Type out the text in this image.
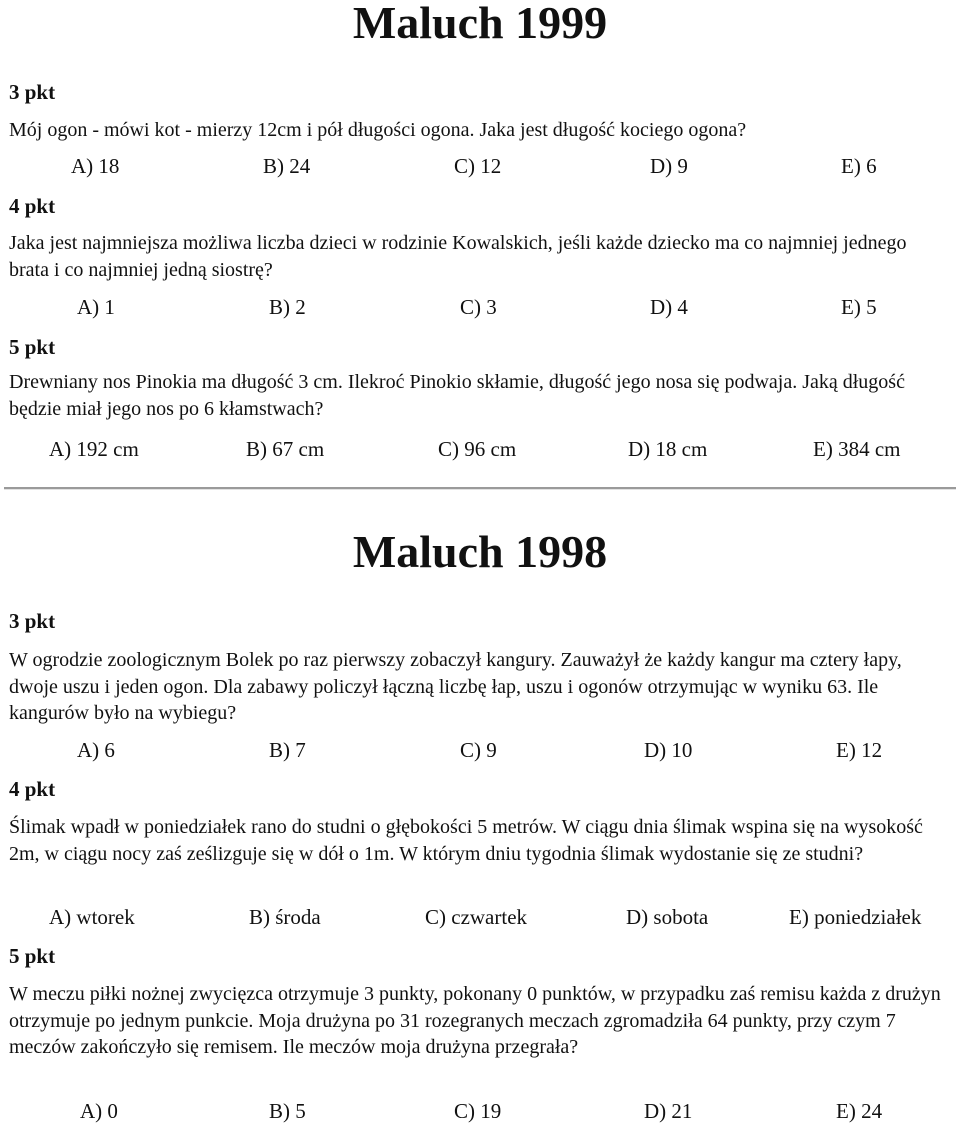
Maluch 1999
3 pkt

Mój ogon - mówi kot - mierzy 12cm i pół długości ogona. Jaka jest długość kociego ogona?

A) 18	B) 24	C) 12	D) 9	E) 6
4 pkt

Jaka jest najmniejsza możliwa liczba dzieci w rodzinie Kowalskich, jeśli każde dziecko ma co najmniej jednego brata i co najmniej jedną siostrę?

A) 1	B) 2	C) 3	D) 4	E) 5
5 pkt

Drewniany nos Pinokia ma długość 3 cm. Ilekroć Pinokio skłamie, długość jego nosa się podwaja. Jaką długość będzie miał jego nos po 6 kłamstwach?

A) 192 cm	B) 67 cm	C) 96 cm	D) 18 cm	E) 384 cm
Maluch 1998
3 pkt

W ogrodzie zoologicznym Bolek po raz pierwszy zobaczył kangury. Zauważył że każdy kangur ma cztery łapy, dwoje uszu i jeden ogon. Dla zabawy policzył łączną liczbę łap, uszu i ogonów otrzymując w wyniku 63. Ile kangurów było na wybiegu?

A) 6	B) 7	C) 9	D) 10	E) 12
4 pkt

Ślimak wpadł w poniedziałek rano do studni o głębokości 5 metrów. W ciągu dnia ślimak wspina się na wysokość 2m, w ciągu nocy zaś ześlizguje się w dół o 1m. W którym dniu tygodnia ślimak wydostanie się ze studni?

A) wtorek	B) środa	C) czwartek	D) sobota	E) poniedziałek
5 pkt

W meczu piłki nożnej zwycięzca otrzymuje 3 punkty, pokonany 0 punktów, w przypadku zaś remisu każda z drużyn otrzymuje po jednym punkcie. Moja drużyna po 31 rozegranych meczach zgromadziła 64 punkty, przy czym 7 meczów zakończyło się remisem. Ile meczów moja drużyna przegrała?

A) 0	B) 5	C) 19	D) 21	E) 24
